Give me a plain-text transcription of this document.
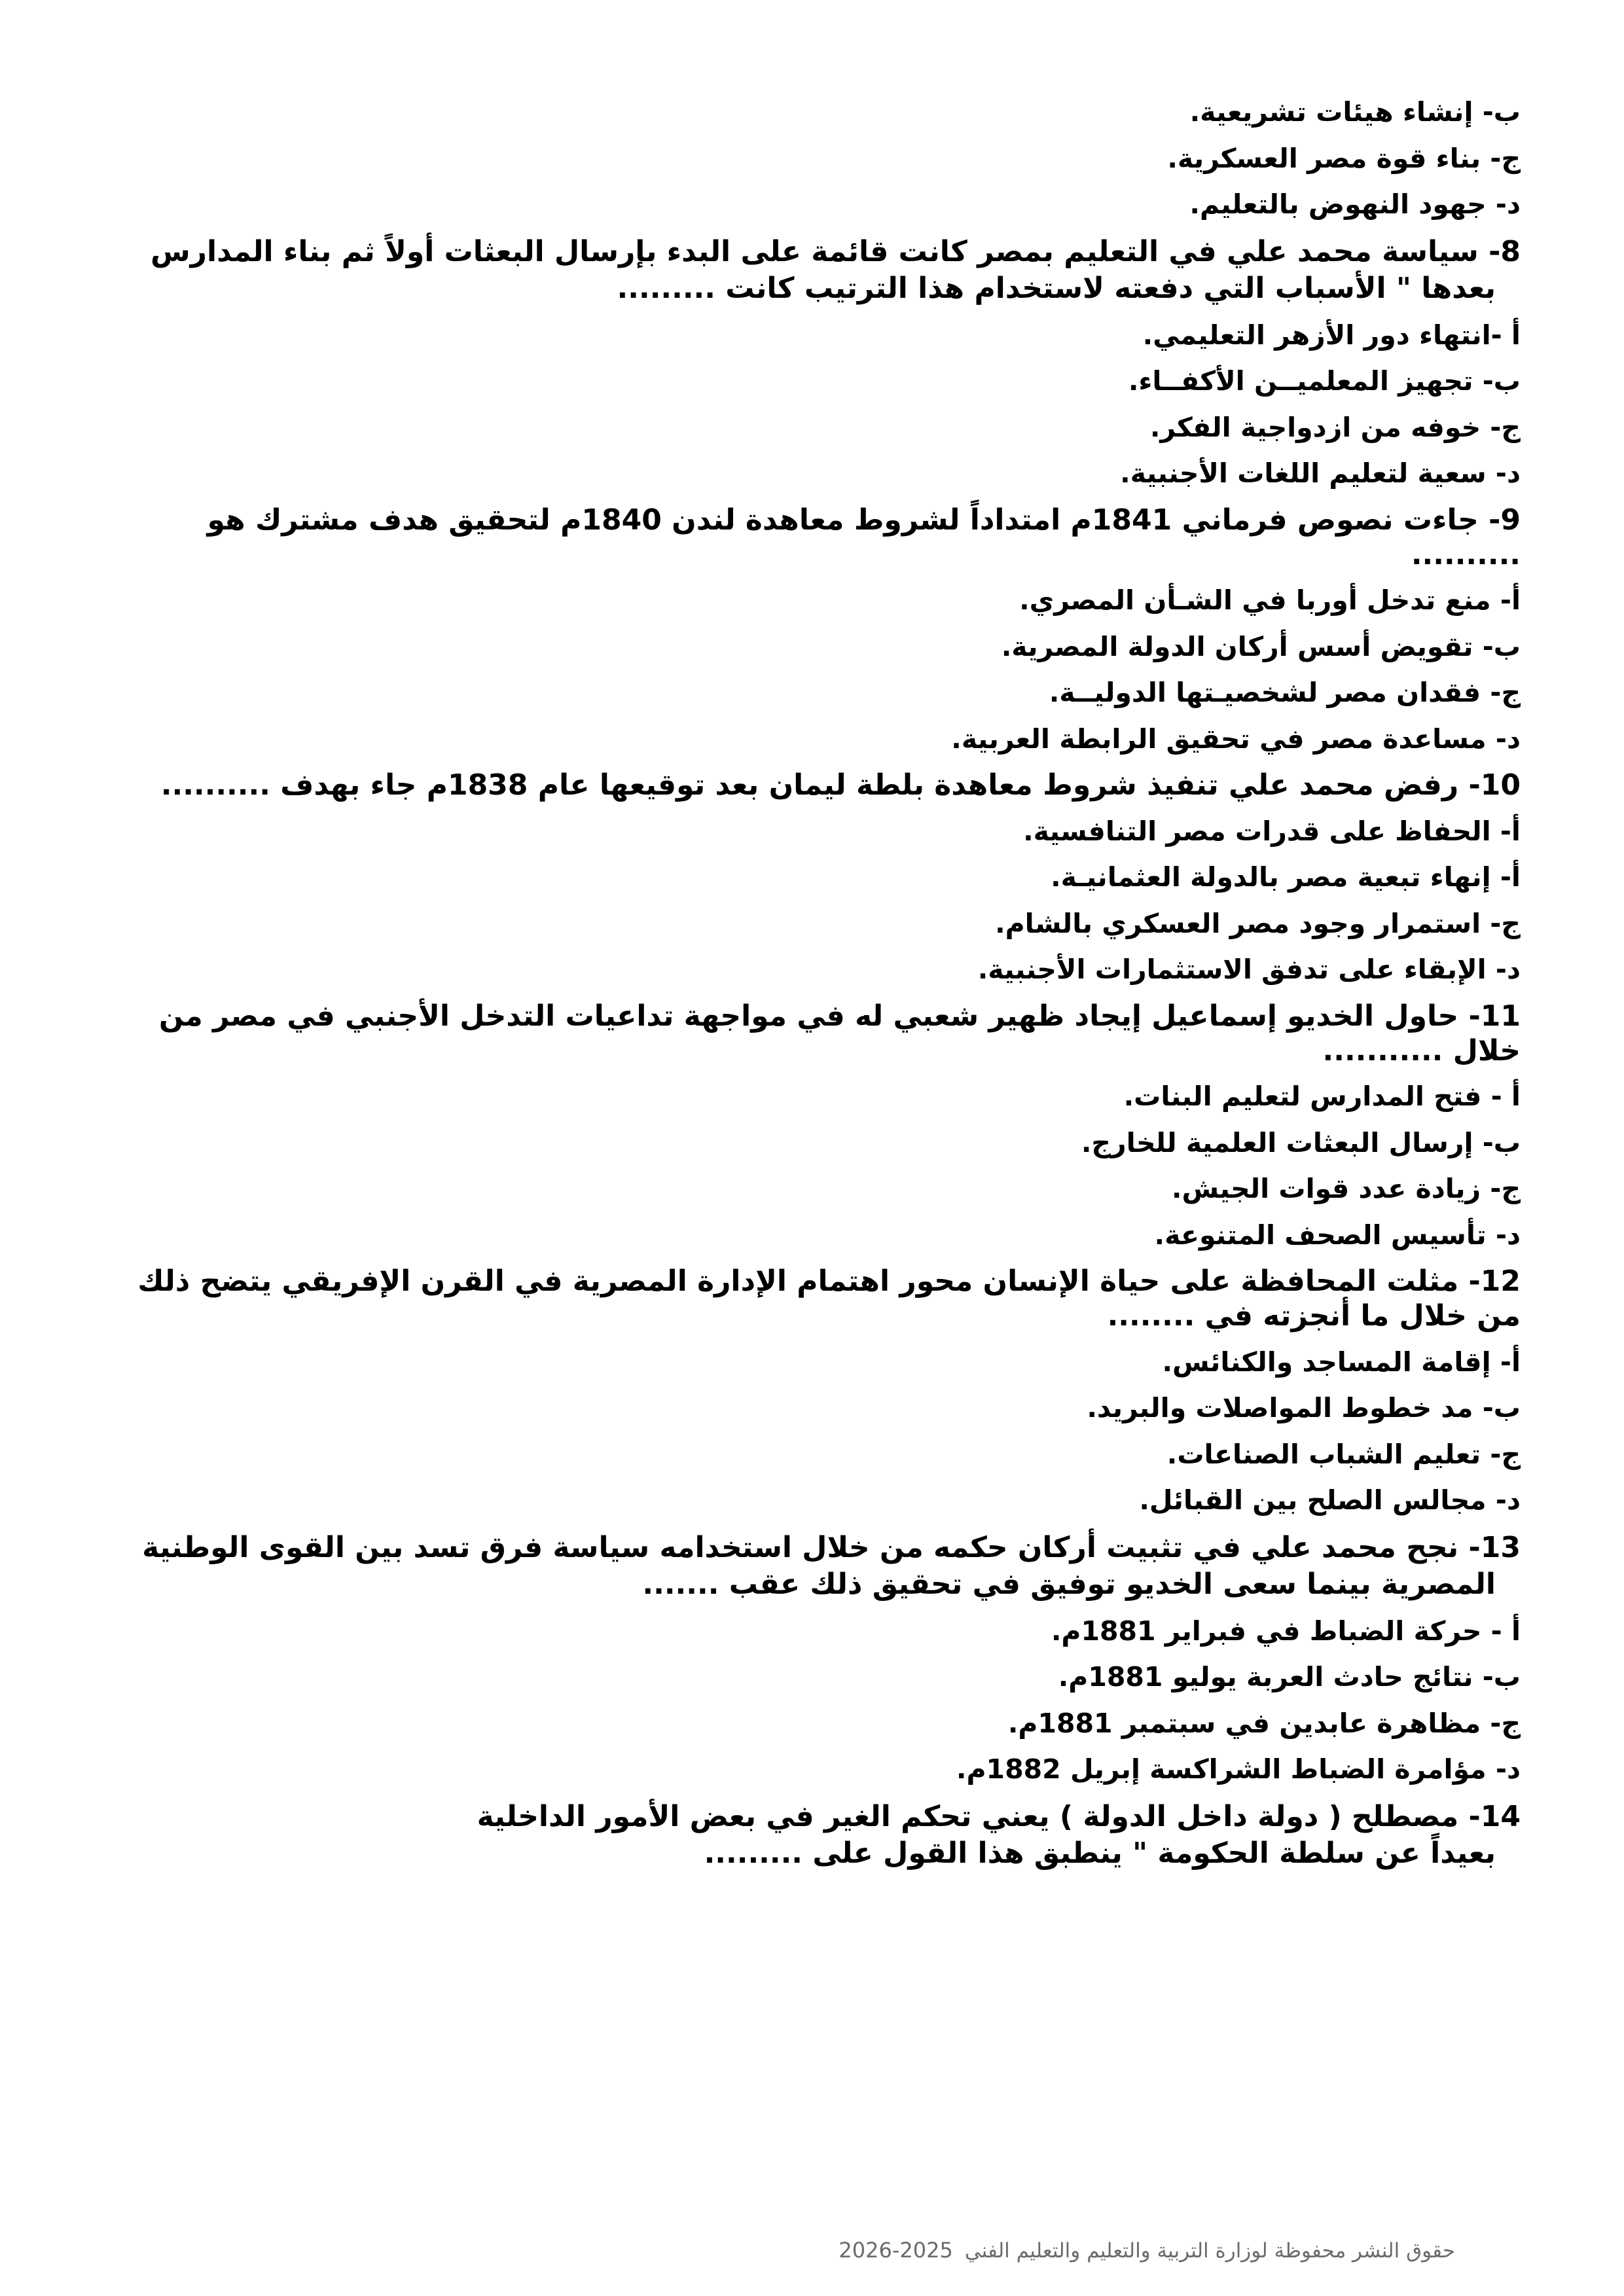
ب- إنشاء هيئات تشريعية.
ج- بناء قوة مصر العسكرية.
د- جهود النهوض بالتعليم.
8- سياسة محمد علي في التعليم بمصر كانت قائمة على البدء بإرسال البعثات أولاً ثم بناء المدارس بعدها " الأسباب التي دفعته لاستخدام هذا الترتيب كانت .........
أ -انتهاء دور الأزهر التعليمي.
ب- تجهيز المعلميــن الأكفــاء.
ج- خوفه من ازدواجية الفكر.
د- سعية لتعليم اللغات الأجنبية.
9- جاءت نصوص فرماني 1841م امتداداً لشروط معاهدة لندن 1840م لتحقيق هدف مشترك هو ..........
أ- منع تدخل أوربا في الشـأن المصري.
ب- تقويض أسس أركان الدولة المصرية.
ج- فقدان مصر لشخصيـتها الدوليــة.
د- مساعدة مصر في تحقيق الرابطة العربية.
10- رفض محمد علي تنفيذ شروط معاهدة بلطة ليمان بعد توقيعها عام 1838م جاء بهدف ..........
أ- الحفاظ على قدرات مصر التنافسية.
أ- إنهاء تبعية مصر بالدولة العثمانيـة.
ج- استمرار وجود مصر العسكري بالشام.
د- الإبقاء على تدفق الاستثمارات الأجنبية.
11- حاول الخديو إسماعيل إيجاد ظهير شعبي له في مواجهة تداعيات التدخل الأجنبي في مصر من خلال ...........
أ - فتح المدارس لتعليم البنات.
ب- إرسال البعثات العلمية للخارج.
ج- زيادة عدد قوات الجيش.
د- تأسيس الصحف المتنوعة.
12- مثلت المحافظة على حياة الإنسان محور اهتمام الإدارة المصرية في القرن الإفريقي يتضح ذلك من خلال ما أنجزته في ........
أ- إقامة المساجد والكنائس.
ب- مد خطوط المواصلات والبريد.
ج- تعليم الشباب الصناعات.
د- مجالس الصلح بين القبائل.
13- نجح محمد علي في تثبيت أركان حكمه من خلال استخدامه سياسة فرق تسد بين القوى الوطنية المصرية بينما سعى الخديو توفيق في تحقيق ذلك عقب .......
أ - حركة الضباط في فبراير 1881م.
ب- نتائج حادث العربة يوليو 1881م.
ج- مظاهرة عابدين في سبتمبر 1881م.
د- مؤامرة الضباط الشراكسة إبريل 1882م.
14- مصطلح ( دولة داخل الدولة ) يعني تحكم الغير في بعض الأمور الداخلية بعيداً عن سلطة الحكومة " ينطبق هذا القول على .........
حقوق النشر محفوظة لوزارة التربية والتعليم والتعليم الفني2025-2026
